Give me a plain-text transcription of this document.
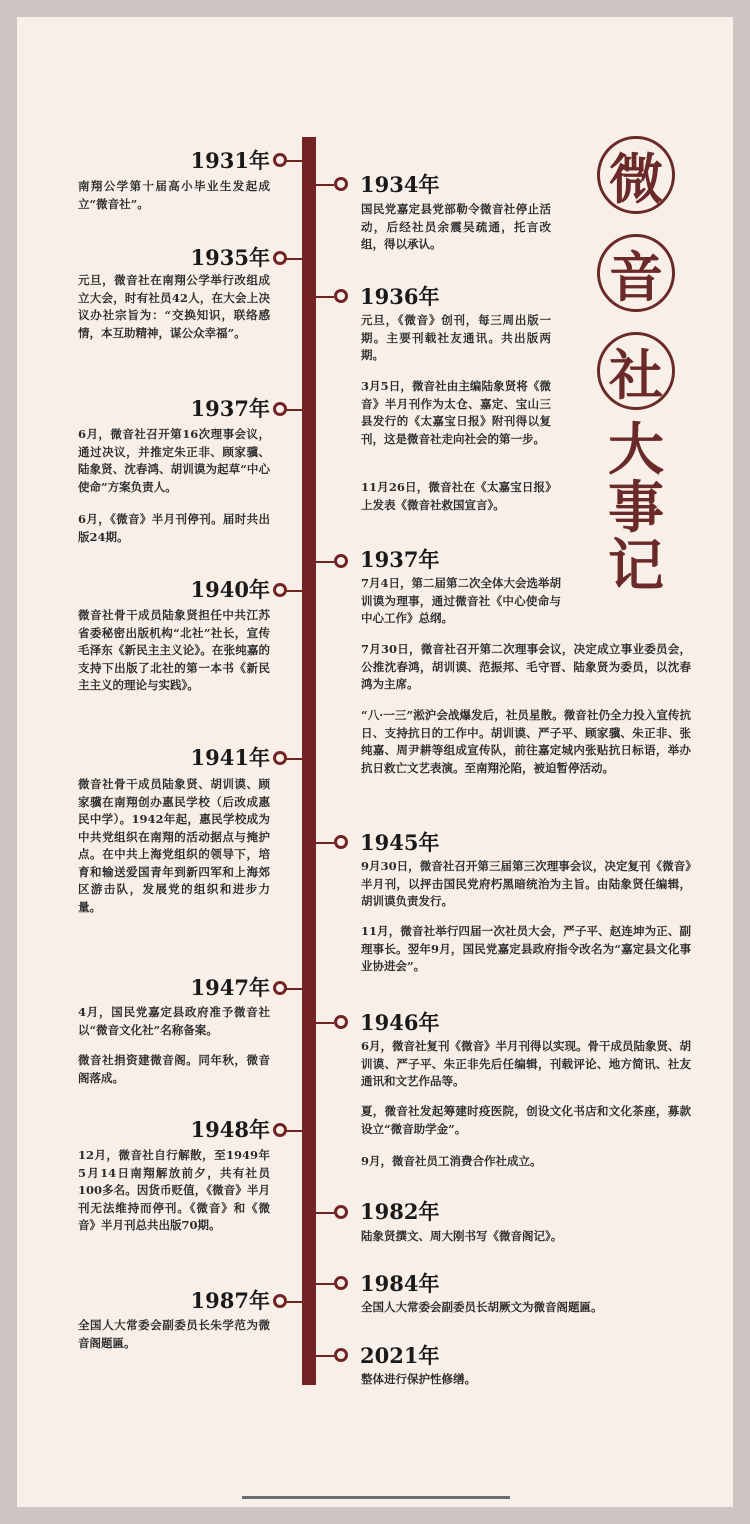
微
音
社
大
事
记
1931年
南翔公学第十届高小毕业生发起成立“微音社”。
1935年
元旦，微音社在南翔公学举行改组成立大会，时有社员42人，在大会上决议办社宗旨为：“交换知识，联络感情，本互助精神，谋公众幸福”。
1937年
6月，微音社召开第16次理事会议，通过决议，并推定朱正非、顾家骥、陆象贤、沈春鸿、胡训谟为起草“中心使命”方案负责人。
6月，《微音》半月刊停刊。届时共出版24期。
1940年
微音社骨干成员陆象贤担任中共江苏省委秘密出版机构“北社”社长，宣传毛泽东《新民主主义论》。在张纯嘉的支持下出版了北社的第一本书《新民主主义的理论与实践》。
1941年
微音社骨干成员陆象贤、胡训谟、顾家骥在南翔创办惠民学校（后改成惠民中学）。1942年起，惠民学校成为中共党组织在南翔的活动据点与掩护点。在中共上海党组织的领导下，培育和输送爱国青年到新四军和上海郊区游击队，发展党的组织和进步力量。
1947年
4月，国民党嘉定县政府准予微音社以“微音文化社”名称备案。
微音社捐资建微音阁。同年秋，微音阁落成。
1948年
12月，微音社自行解散，至1949年5月14日南翔解放前夕，共有社员100多名。因货币贬值，《微音》半月刊无法维持而停刊。《微音》和《微音》半月刊总共出版70期。
1987年
全国人大常委会副委员长朱学范为微音阁题匾。
1934年
国民党嘉定县党部勒令微音社停止活动，后经社员余震吴疏通，托言改组，得以承认。
1936年
元旦，《微音》创刊，每三周出版一期。主要刊载社友通讯。共出版两期。
3月5日，微音社由主编陆象贤将《微音》半月刊作为太仓、嘉定、宝山三县发行的《太嘉宝日报》附刊得以复刊，这是微音社走向社会的第一步。
11月26日，微音社在《太嘉宝日报》上发表《微音社救国宣言》。
1937年
7月4日，第二届第二次全体大会选举胡训谟为理事，通过微音社《中心使命与中心工作》总纲。
7月30日，微音社召开第二次理事会议，决定成立事业委员会，公推沈春鸿，胡训谟、范振邦、毛守晋、陆象贤为委员，以沈春鸿为主席。
“八·一三”淞沪会战爆发后，社员星散。微音社仍全力投入宣传抗日、支持抗日的工作中。胡训谟、严子平、顾家骥、朱正非、张纯嘉、周尹耕等组成宣传队，前往嘉定城内张贴抗日标语，举办抗日救亡文艺表演。至南翔沦陷，被迫暂停活动。
1945年
9月30日，微音社召开第三届第三次理事会议，决定复刊《微音》半月刊，以抨击国民党府朽黑暗统治为主旨。由陆象贤任编辑，胡训谟负责发行。
11月，微音社举行四届一次社员大会，严子平、赵连坤为正、副理事长。翌年9月，国民党嘉定县政府指令改名为“嘉定县文化事业协进会”。
1946年
6月，微音社复刊《微音》半月刊得以实现。骨干成员陆象贤、胡训谟、严子平、朱正非先后任编辑，刊载评论、地方简讯、社友通讯和文艺作品等。
夏，微音社发起筹建时疫医院，创设文化书店和文化茶座，募款设立“微音助学金”。
9月，微音社员工消费合作社成立。
1982年
陆象贤撰文、周大刚书写《微音阁记》。
1984年
全国人大常委会副委员长胡厥文为微音阁题匾。
2021年
整体进行保护性修缮。
